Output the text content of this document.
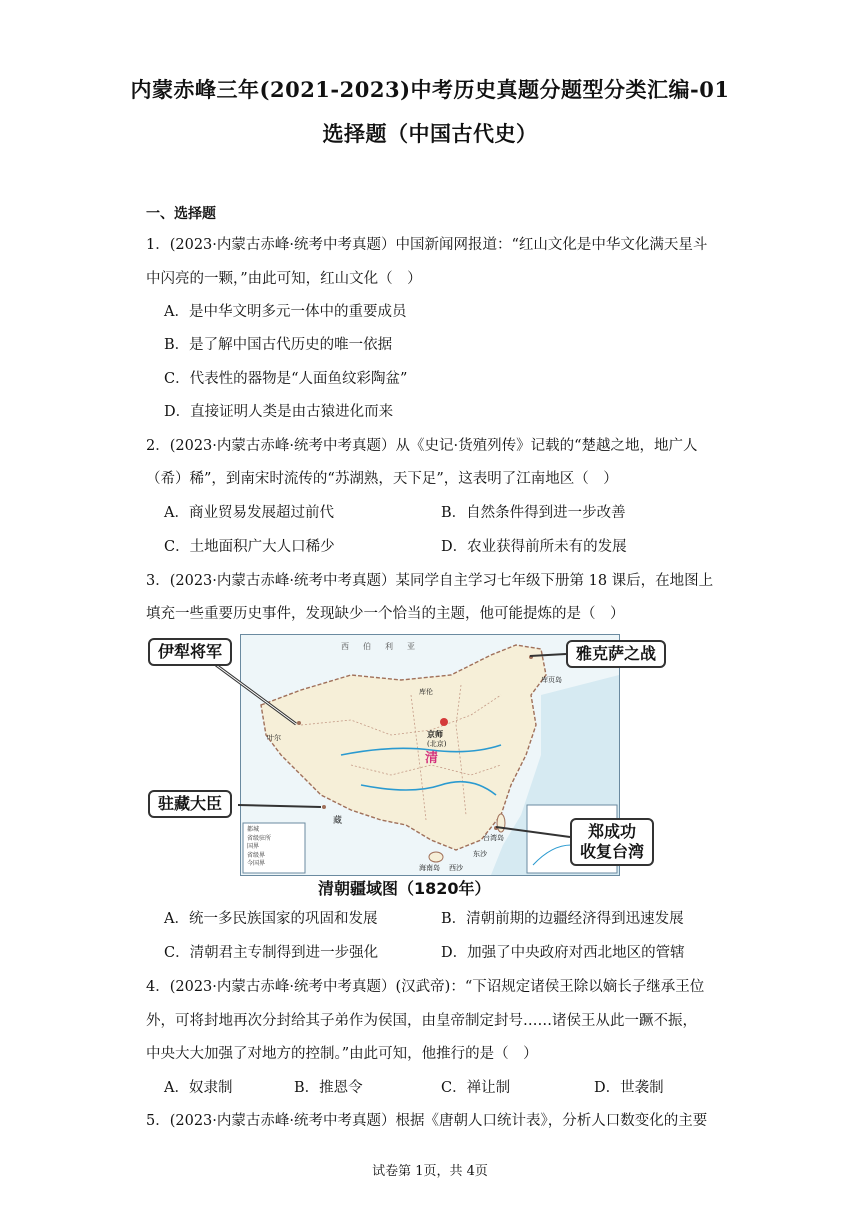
内蒙赤峰三年(2021-2023)中考历史真题分题型分类汇编-01
选择题（中国古代史）
一、选择题
1．(2023·内蒙古赤峰·统考中考真题）中国新闻网报道：“红山文化是中华文化满天星斗
中闪亮的一颗，”由此可知，红山文化（　）
A．是中华文明多元一体中的重要成员
B．是了解中国古代历史的唯一依据
C．代表性的器物是“人面鱼纹彩陶盆”
D．直接证明人类是由古猿进化而来
2．(2023·内蒙古赤峰·统考中考真题）从《史记·货殖列传》记载的“楚越之地，地广人
（希）稀”，到南宋时流传的“苏湖熟，天下足”，这表明了江南地区（　）
A．商业贸易发展超过前代	B．自然条件得到进一步改善
C．土地面积广大人口稀少	D．农业获得前所未有的发展
3．(2023·内蒙古赤峰·统考中考真题）某同学自主学习七年级下册第 18 课后，在地图上
填充一些重要历史事件，发现缺少一个恰当的主题，他可能提炼的是（　）
西　伯　利　亚
京师
(北京)
清
台湾岛
海南岛
东沙
库页岛
西沙
藏
叶尔
库伦
都城
省级驻所
国界
省级界
今国界
伊犁将军
驻藏大臣
雅克萨之战
郑成功
收复台湾
清朝疆域图（1820年）
A．统一多民族国家的巩固和发展	B．清朝前期的边疆经济得到迅速发展
C．清朝君主专制得到进一步强化	D．加强了中央政府对西北地区的管辖
4．(2023·内蒙古赤峰·统考中考真题）(汉武帝)：“下诏规定诸侯王除以嫡长子继承王位
外，可将封地再次分封给其子弟作为侯国，由皇帝制定封号……诸侯王从此一蹶不振，
中央大大加强了对地方的控制。”由此可知，他推行的是（　）
A．奴隶制	B．推恩令	C．禅让制	D．世袭制
5．(2023·内蒙古赤峰·统考中考真题）根据《唐朝人口统计表》，分析人口数变化的主要
试卷第 1页，共 4页
